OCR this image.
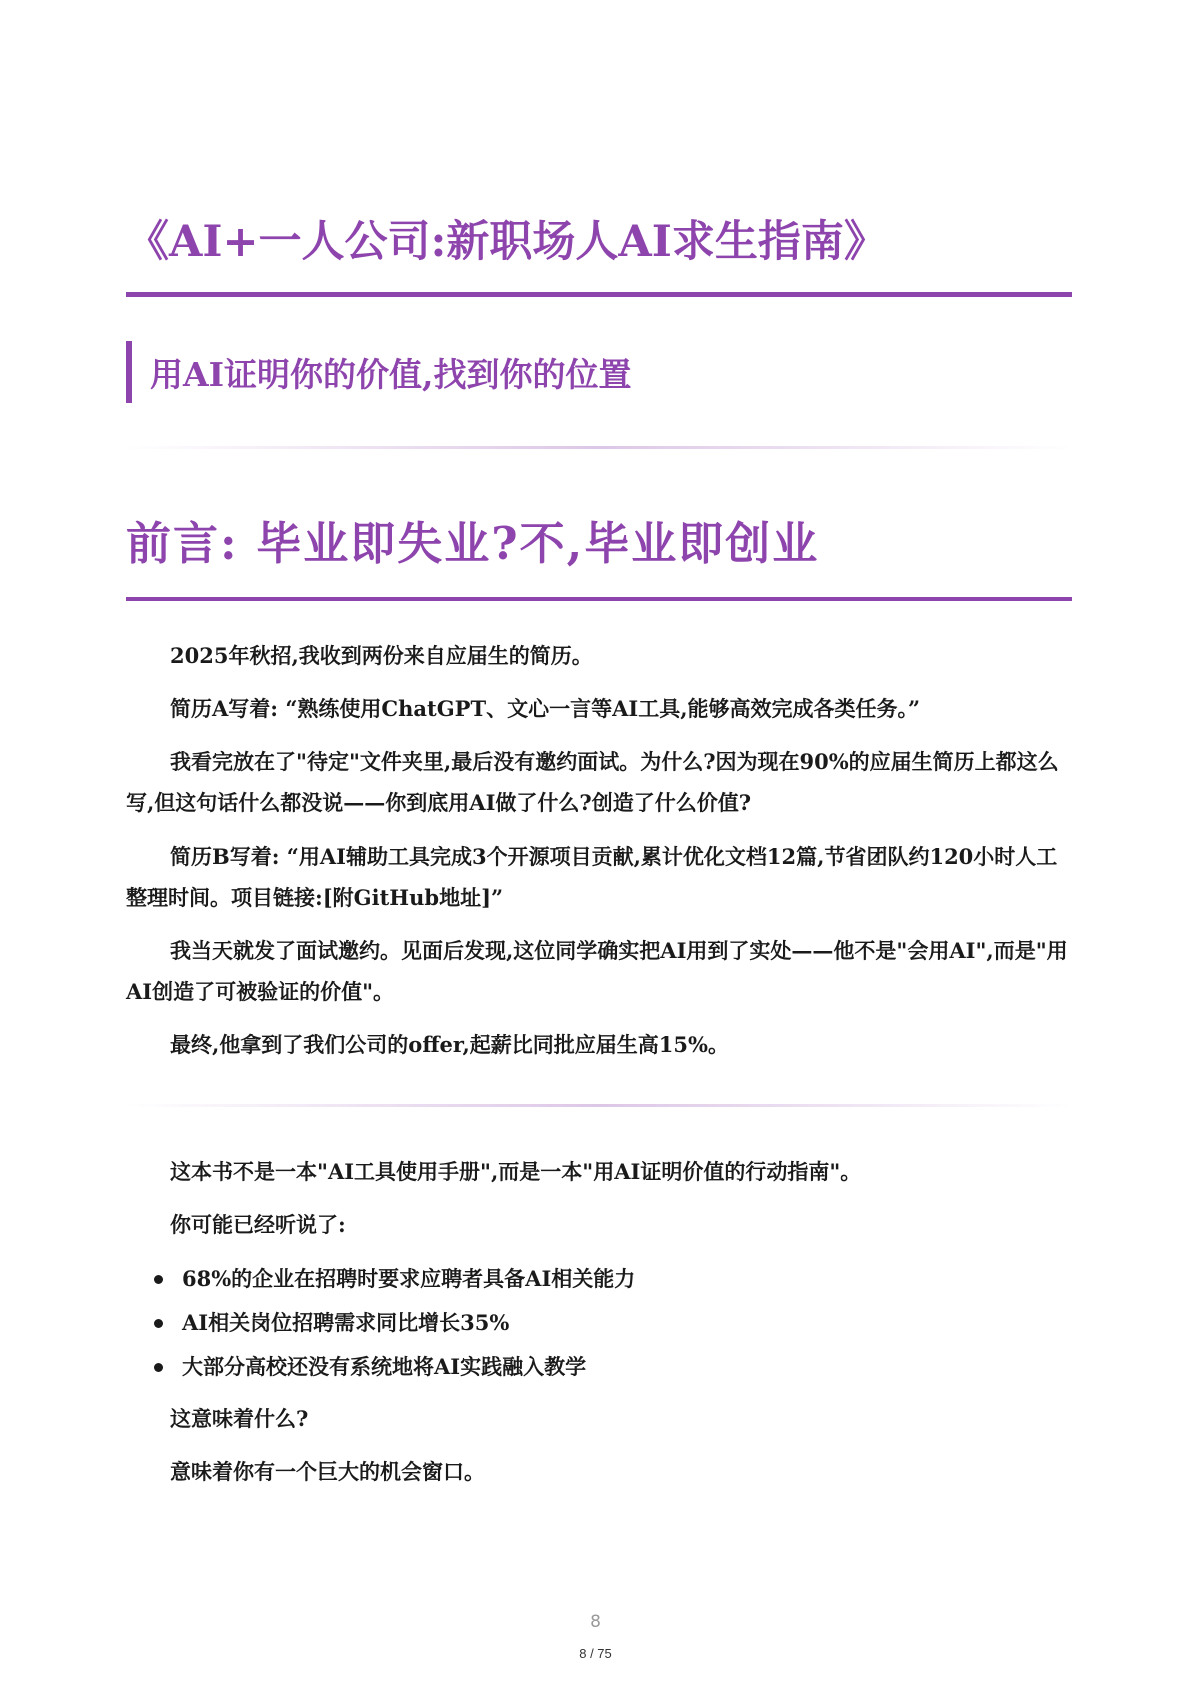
《AI+一人公司:新职场人AI求生指南》
用AI证明你的价值,找到你的位置
前言: 毕业即失业?不,毕业即创业

2025年秋招,我收到两份来自应届生的简历。

简历A写着: “熟练使用ChatGPT、文心一言等AI工具,能够高效完成各类任务。”

我看完放在了"待定"文件夹里,最后没有邀约面试。为什么?因为现在90%的应届生简历上都这么写,但这句话什么都没说——你到底用AI做了什么?创造了什么价值?

简历B写着: “用AI辅助工具完成3个开源项目贡献,累计优化文档12篇,节省团队约120小时人工整理时间。项目链接:[附GitHub地址]”

我当天就发了面试邀约。见面后发现,这位同学确实把AI用到了实处——他不是"会用AI",而是"用AI创造了可被验证的价值"。

最终,他拿到了我们公司的offer,起薪比同批应届生高15%。

这本书不是一本"AI工具使用手册",而是一本"用AI证明价值的行动指南"。

你可能已经听说了:

68%的企业在招聘时要求应聘者具备AI相关能力
AI相关岗位招聘需求同比增长35%
大部分高校还没有系统地将AI实践融入教学

这意味着什么?

意味着你有一个巨大的机会窗口。

8
8 / 75
